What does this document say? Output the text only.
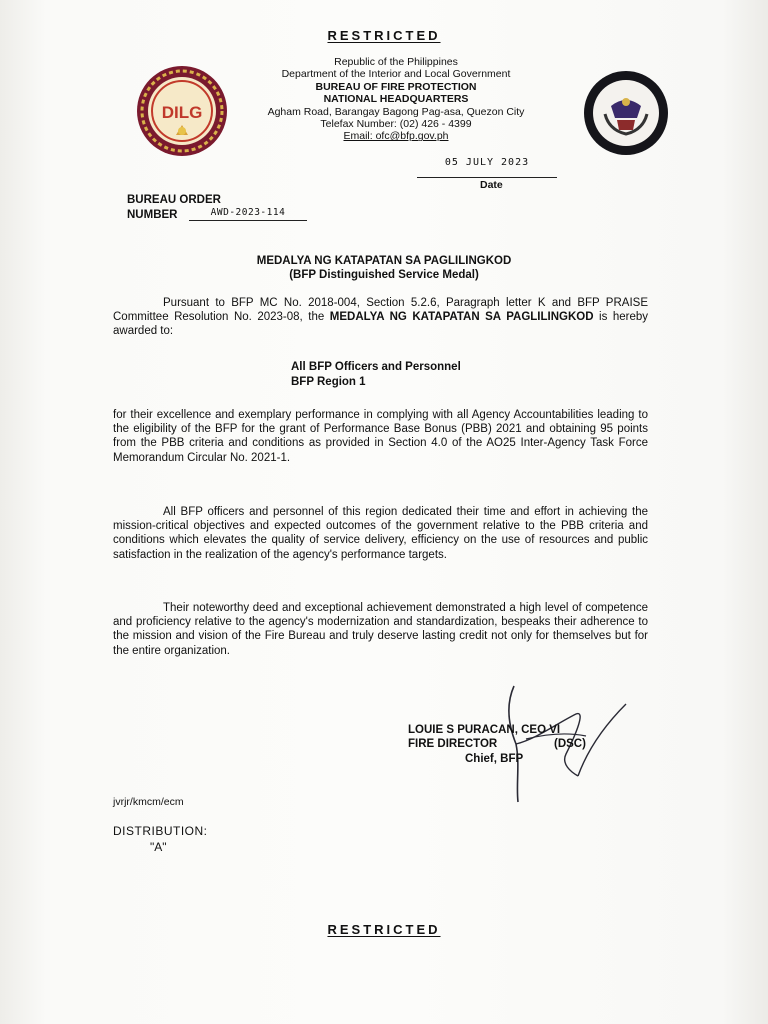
RESTRICTED
DILG
Republic of the Philippines
Department of the Interior and Local Government
BUREAU OF FIRE PROTECTION
NATIONAL HEADQUARTERS
Agham Road, Barangay Bagong Pag-asa, Quezon City
Telefax Number: (02) 426 - 4399
Email: ofc@bfp.gov.ph
05 JULY 2023
Date
BUREAU ORDER
NUMBER	AWD-2023-114
MEDALYA NG KATAPATAN SA PAGLILINGKOD
(BFP Distinguished Service Medal)
Pursuant to BFP MC No. 2018-004, Section 5.2.6, Paragraph letter K and BFP PRAISE Committee Resolution No. 2023-08, the MEDALYA NG KATAPATAN SA PAGLILINGKOD is hereby awarded to:
All BFP Officers and Personnel
BFP Region 1
for their excellence and exemplary performance in complying with all Agency Accountabilities leading to the eligibility of the BFP for the grant of Performance Base Bonus (PBB) 2021 and obtaining 95 points from the PBB criteria and conditions as provided in Section 4.0 of the AO25 Inter-Agency Task Force Memorandum Circular No. 2021-1.
All BFP officers and personnel of this region dedicated their time and effort in achieving the mission-critical objectives and expected outcomes of the government relative to the PBB criteria and conditions which elevates the quality of service delivery, efficiency on the use of resources and public satisfaction in the realization of the agency's performance targets.
Their noteworthy deed and exceptional achievement demonstrated a high level of competence and proficiency relative to the agency's modernization and standardization, bespeaks their adherence to the mission and vision of the Fire Bureau and truly deserve lasting credit not only for themselves but for the entire organization.
LOUIE S PURACAN, CEO VI
FIRE DIRECTOR	(DSC)
Chief, BFP
jvrjr/kmcm/ecm
DISTRIBUTION:
"A"
RESTRICTED
